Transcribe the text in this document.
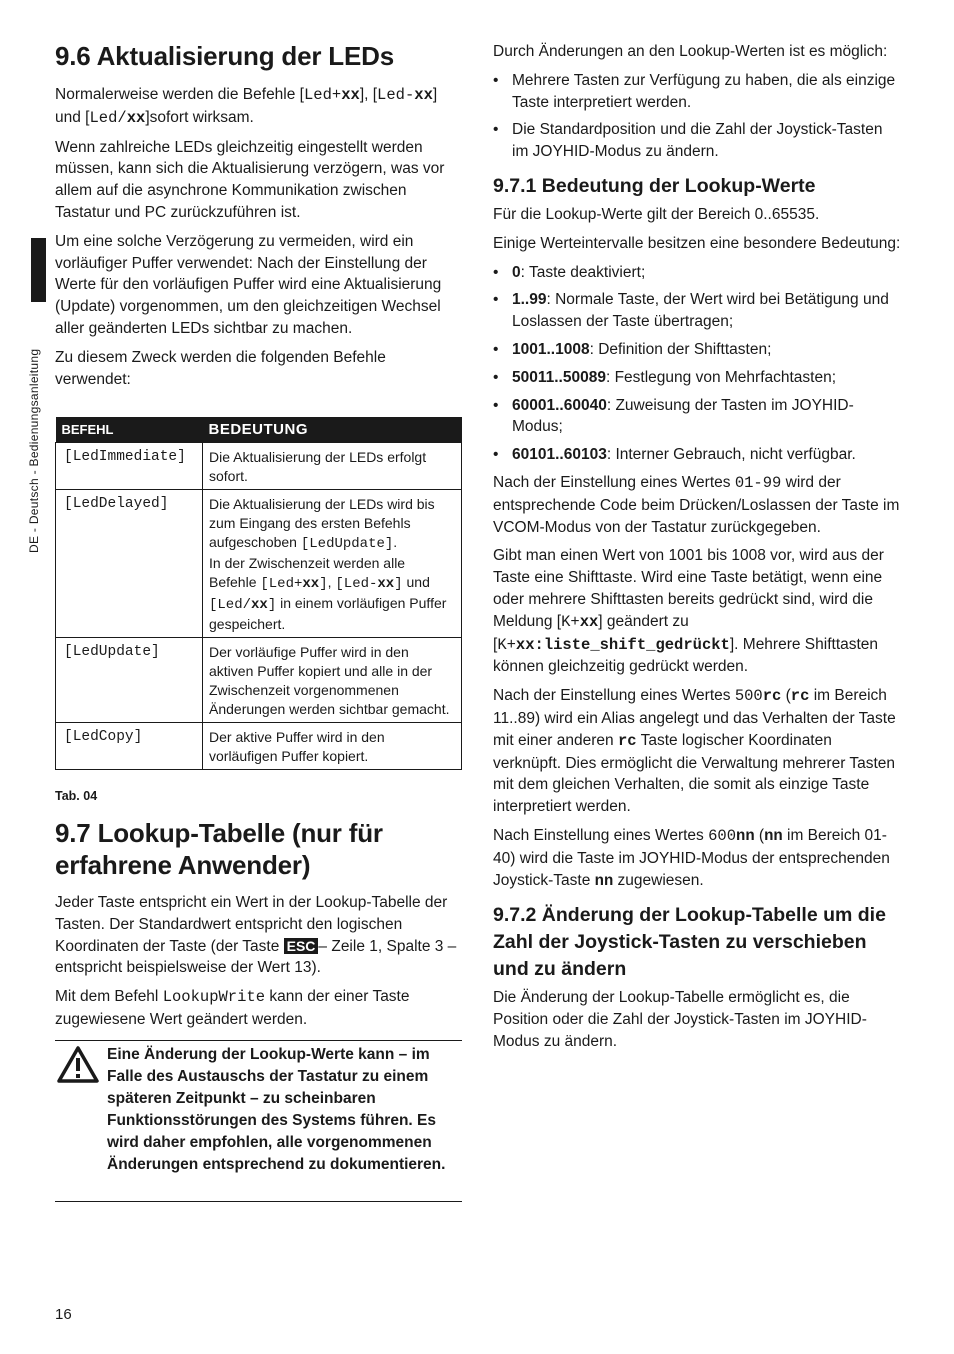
DE - Deutsch - Bedienungsanleitung
9.6 Aktualisierung der LEDs

Normalerweise werden die Befehle [Led+xx], [Led-xx] und [Led/xx]sofort wirksam.

Wenn zahlreiche LEDs gleichzeitig eingestellt werden müssen, kann sich die Aktualisierung verzögern, was vor allem auf die asynchrone Kommunikation zwischen Tastatur und PC zurückzuführen ist.

Um eine solche Verzögerung zu vermeiden, wird ein vorläufiger Puffer verwendet: Nach der Einstellung der Werte für den vorläufigen Puffer wird eine Aktualisierung (Update) vorgenommen, um den gleichzeitigen Wechsel aller geänderten LEDs sichtbar zu machen.

Zu diesem Zweck werden die folgenden Befehle verwendet:

BEFEHL	BEDEUTUNG
[LedImmediate]	Die Aktualisierung der LEDs erfolgt sofort.
[LedDelayed]	Die Aktualisierung der LEDs wird bis zum Eingang des ersten Befehls aufgeschoben [LedUpdate].
In der Zwischenzeit werden alle Befehle [Led+xx], [Led-xx] und [Led/xx] in einem vorläufigen Puffer gespeichert.
[LedUpdate]	Der vorläufige Puffer wird in den aktiven Puffer kopiert und alle in der Zwischenzeit vorgenommenen Änderungen werden sichtbar gemacht.
[LedCopy]	Der aktive Puffer wird in den vorläufigen Puffer kopiert.
Tab. 04
9.7 Lookup-Tabelle (nur für erfahrene Anwender)

Jeder Taste entspricht ein Wert in der Lookup-Tabelle der Tasten. Der Standardwert entspricht den logischen Koordinaten der Taste (der Taste ESC – Zeile 1, Spalte 3 – entspricht beispielsweise der Wert 13).

Mit dem Befehl LookupWrite kann der einer Taste zugewiesene Wert geändert werden.

Eine Änderung der Lookup-Werte kann – im Falle des Austauschs der Tastatur zu einem späteren Zeitpunkt – zu scheinbaren Funktionsstörungen des Systems führen. Es wird daher empfohlen, alle vorgenommenen Änderungen entsprechend zu dokumentieren.
16

Durch Änderungen an den Lookup-Werten ist es möglich:

• Mehrere Tasten zur Verfügung zu haben, die als einzige Taste interpretiert werden.
• Die Standardposition und die Zahl der Joystick-Tasten im JOYHID-Modus zu ändern.
9.7.1 Bedeutung der Lookup-Werte

Für die Lookup-Werte gilt der Bereich 0..65535.

Einige Werteintervalle besitzen eine besondere Bedeutung:

• 0: Taste deaktiviert;
• 1..99: Normale Taste, der Wert wird bei Betätigung und Loslassen der Taste übertragen;
• 1001..1008: Definition der Shifttasten;
• 50011..50089: Festlegung von Mehrfachtasten;
• 60001..60040: Zuweisung der Tasten im JOYHID-Modus;
• 60101..60103: Interner Gebrauch, nicht verfügbar.

Nach der Einstellung eines Wertes 01-99 wird der entsprechende Code beim Drücken/Loslassen der Taste im VCOM-Modus von der Tastatur zurückgegeben.

Gibt man einen Wert von 1001 bis 1008 vor, wird aus der Taste eine Shifttaste. Wird eine Taste betätigt, wenn eine oder mehrere Shifttasten bereits gedrückt sind, wird die Meldung [K+xx] geändert zu [K+xx:liste_shift_gedrückt]. Mehrere Shifttasten können gleichzeitig gedrückt werden.

Nach der Einstellung eines Wertes 500rc (rc im Bereich 11..89) wird ein Alias angelegt und das Verhalten der Taste mit einer anderen rc Taste logischer Koordinaten verknüpft. Dies ermöglicht die Verwaltung mehrerer Tasten mit dem gleichen Verhalten, die somit als einzige Taste interpretiert werden.

Nach Einstellung eines Wertes 600nn (nn im Bereich 01-40) wird die Taste im JOYHID-Modus der entsprechenden Joystick-Taste nn zugewiesen.

9.7.2 Änderung der Lookup-Tabelle um die Zahl der Joystick-Tasten zu verschieben und zu ändern

Die Änderung der Lookup-Tabelle ermöglicht es, die Position oder die Zahl der Joystick-Tasten im JOYHID-Modus zu ändern.
